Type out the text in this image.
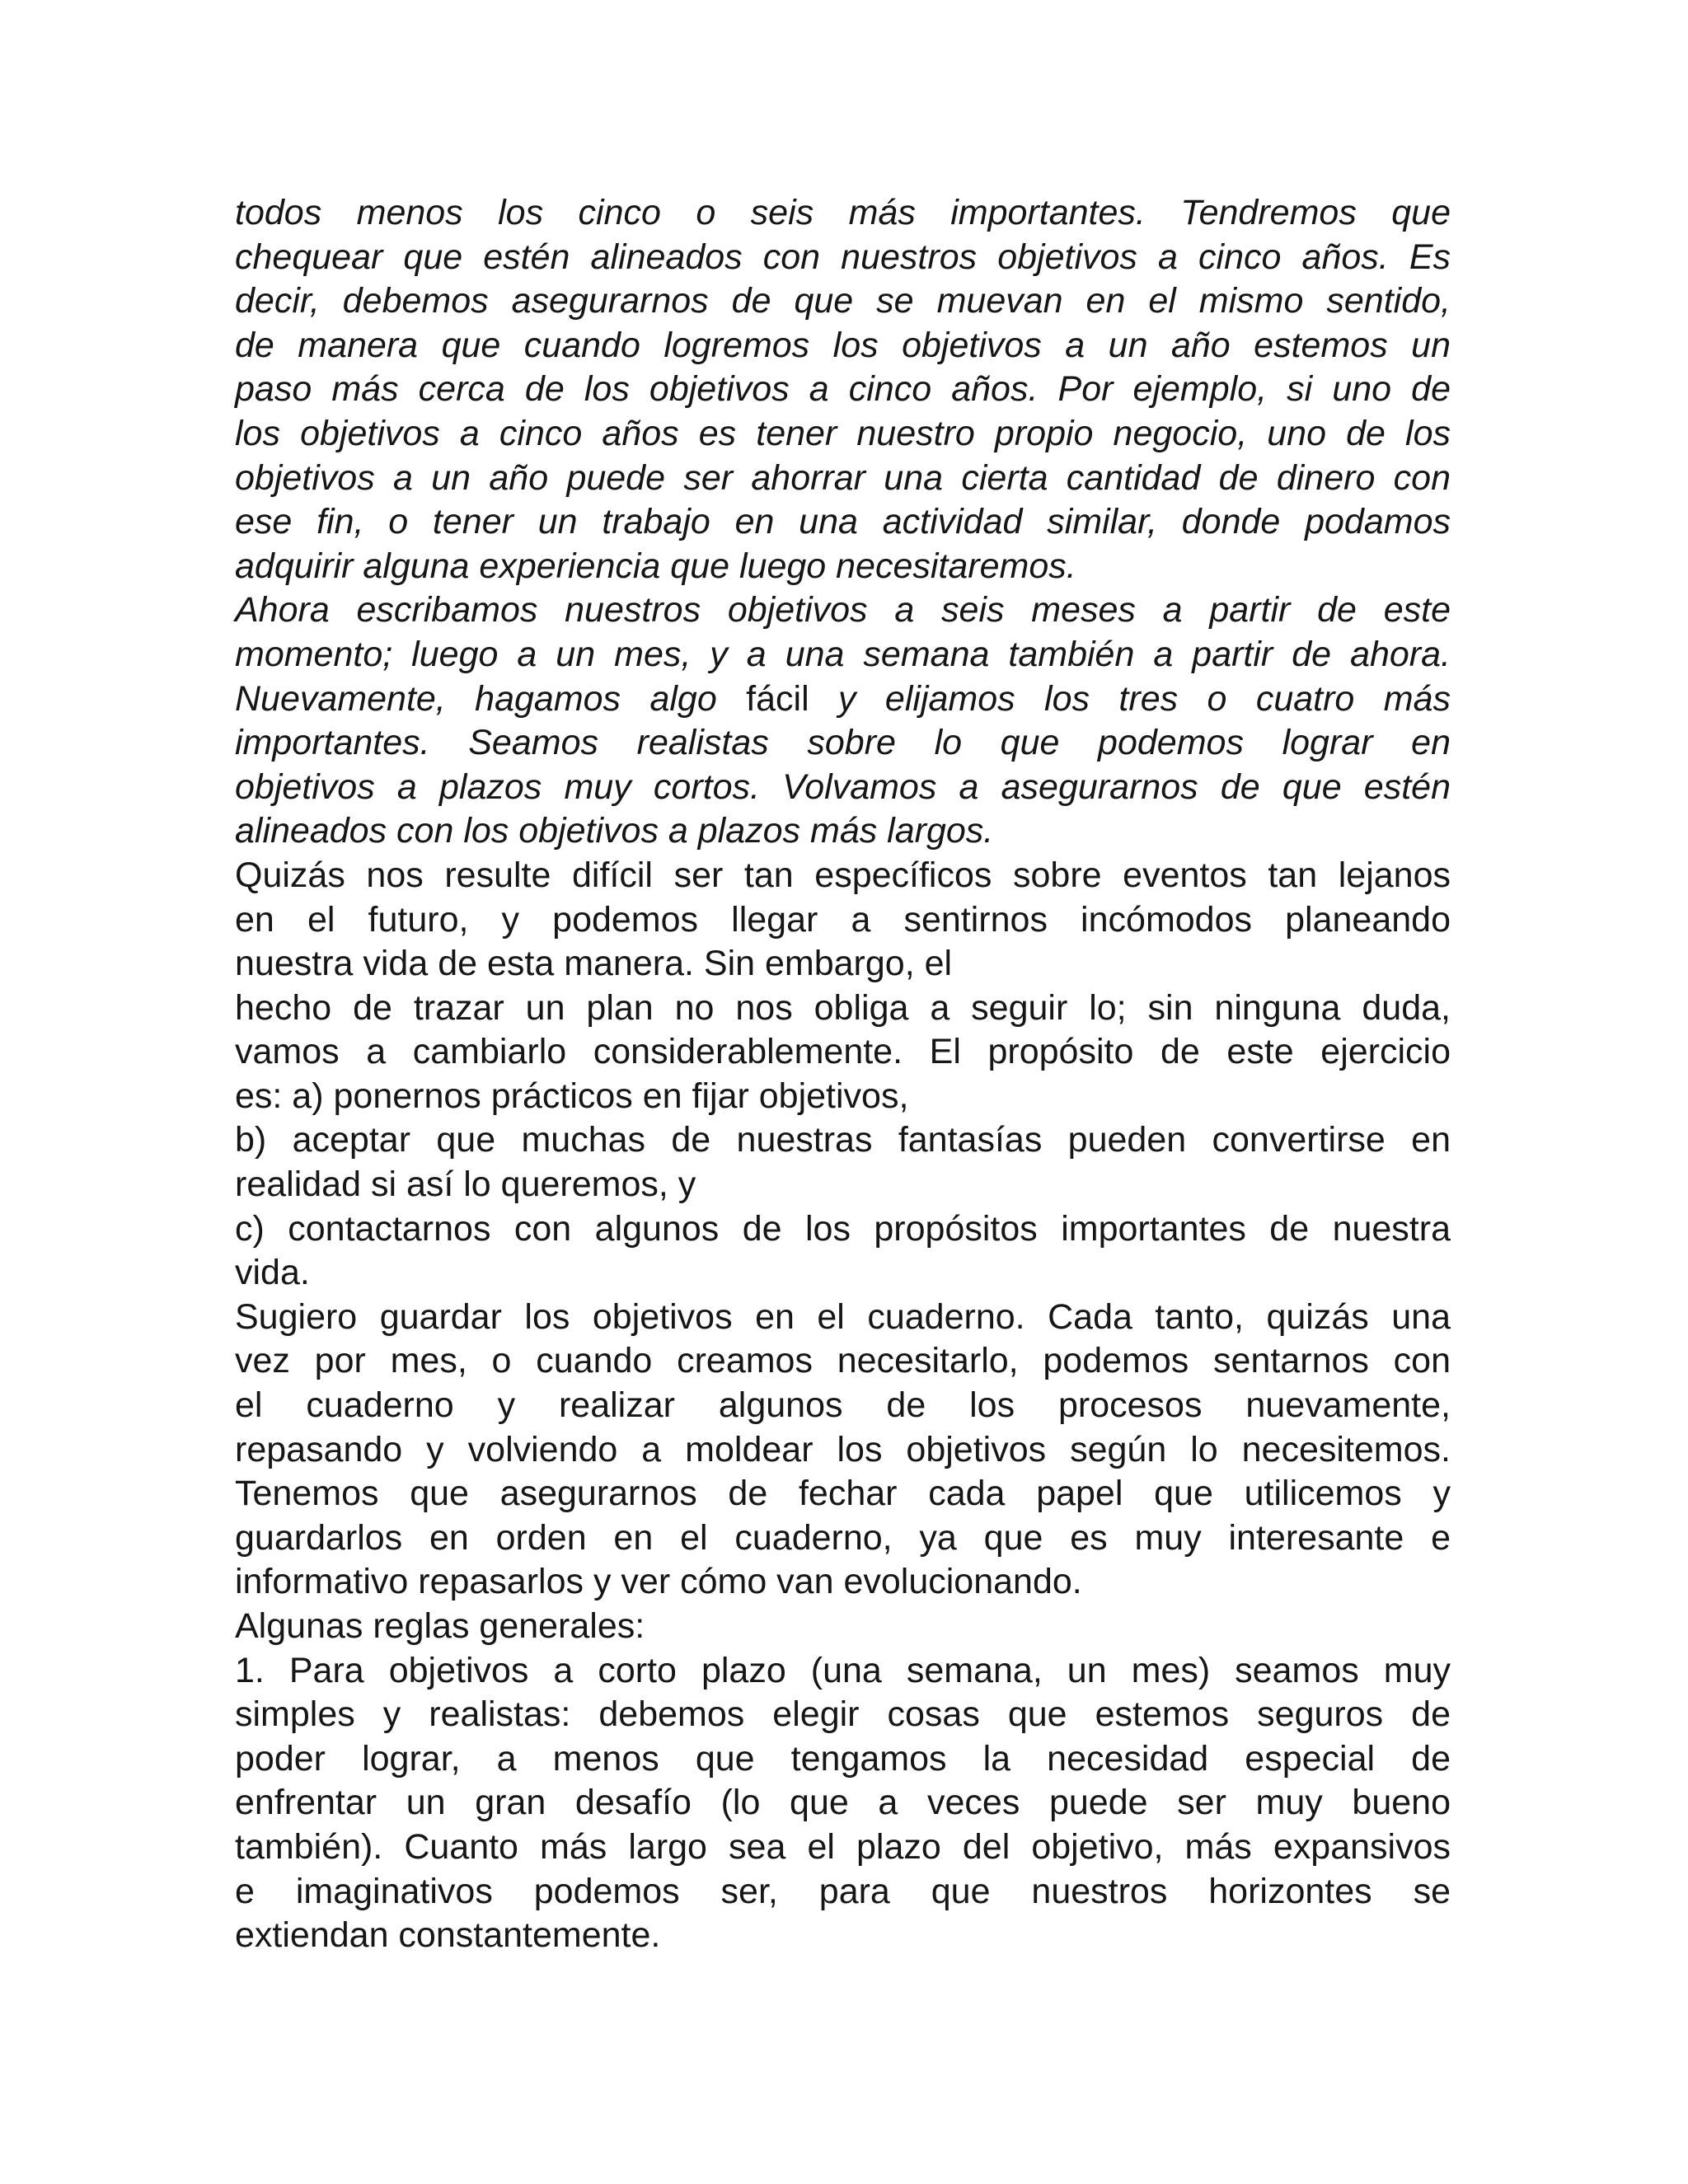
todos menos los cinco o seis más importantes. Tendremos que
chequear que estén alineados con nuestros objetivos a cinco años. Es
decir, debemos asegurarnos de que se muevan en el mismo sentido,
de manera que cuando logremos los objetivos a un año estemos un
paso más cerca de los objetivos a cinco años. Por ejemplo, si uno de
los objetivos a cinco años es tener nuestro propio negocio, uno de los
objetivos a un año puede ser ahorrar una cierta cantidad de dinero con
ese fin, o tener un trabajo en una actividad similar, donde podamos
adquirir alguna experiencia que luego necesitaremos.
Ahora escribamos nuestros objetivos a seis meses a partir de este
momento; luego a un mes, y a una semana también a partir de ahora.
Nuevamente, hagamos algo fácil y elijamos los tres o cuatro más
importantes. Seamos realistas sobre lo que podemos lograr en
objetivos a plazos muy cortos. Volvamos a asegurarnos de que estén
alineados con los objetivos a plazos más largos.
Quizás nos resulte difícil ser tan específicos sobre eventos tan lejanos
en el futuro, y podemos llegar a sentirnos incómodos planeando
nuestra vida de esta manera. Sin embargo, el
hecho de trazar un plan no nos obliga a seguir lo; sin ninguna duda,
vamos a cambiarlo considerablemente. El propósito de este ejercicio
es: a) ponernos prácticos en fijar objetivos,
b) aceptar que muchas de nuestras fantasías pueden convertirse en
realidad si así lo queremos, y
c) contactarnos con algunos de los propósitos importantes de nuestra
vida.
Sugiero guardar los objetivos en el cuaderno. Cada tanto, quizás una
vez por mes, o cuando creamos necesitarlo, podemos sentarnos con
el cuaderno y realizar algunos de los procesos nuevamente,
repasando y volviendo a moldear los objetivos según lo necesitemos.
Tenemos que asegurarnos de fechar cada papel que utilicemos y
guardarlos en orden en el cuaderno, ya que es muy interesante e
informativo repasarlos y ver cómo van evolucionando.
Algunas reglas generales:
1. Para objetivos a corto plazo (una semana, un mes) seamos muy
simples y realistas: debemos elegir cosas que estemos seguros de
poder lograr, a menos que tengamos la necesidad especial de
enfrentar un gran desafío (lo que a veces puede ser muy bueno
también). Cuanto más largo sea el plazo del objetivo, más expansivos
e imaginativos podemos ser, para que nuestros horizontes se
extiendan constantemente.
